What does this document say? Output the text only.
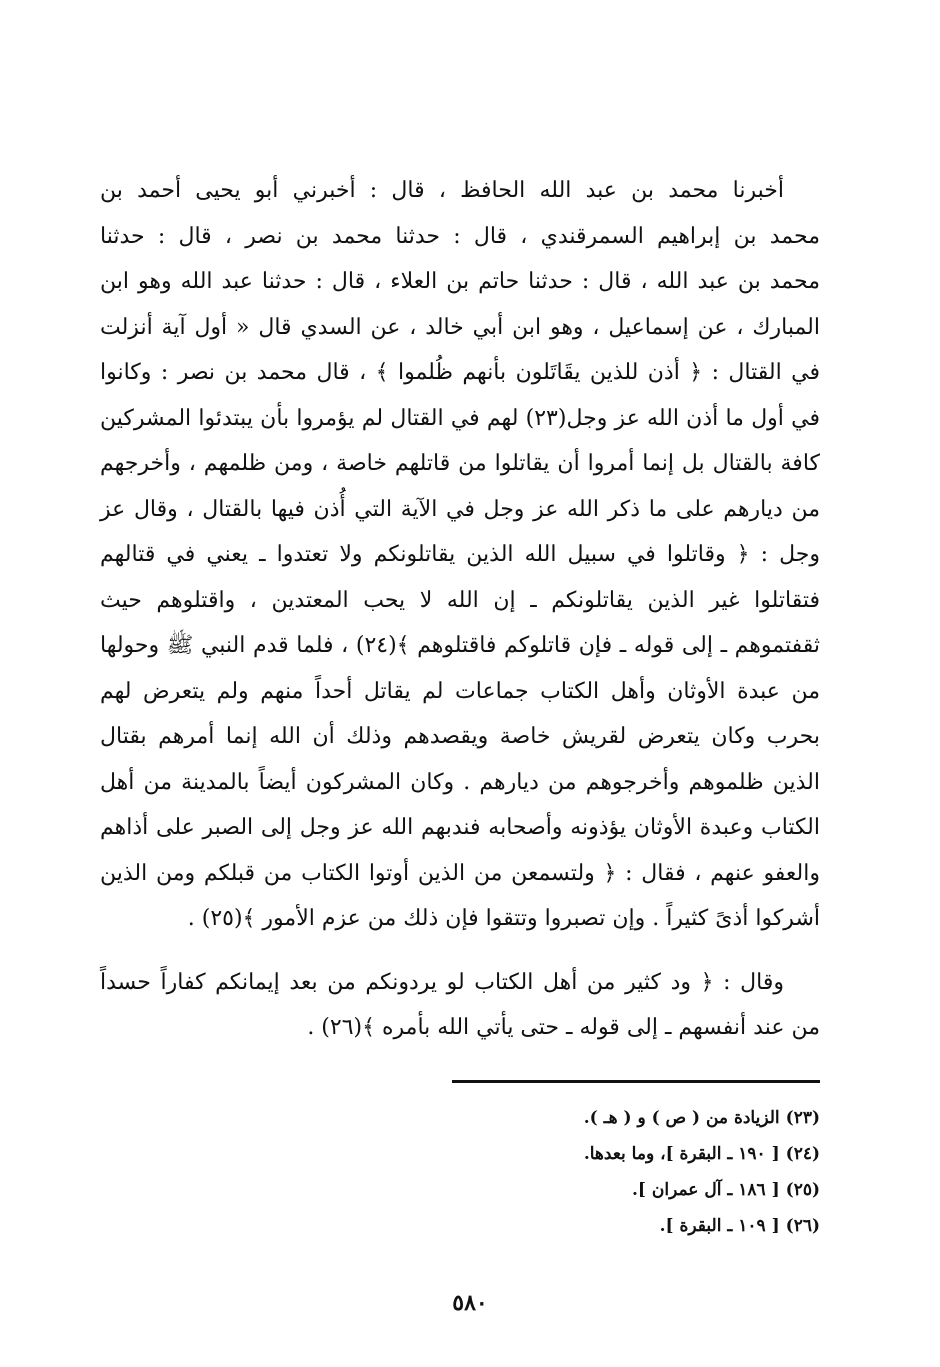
أخبرنا محمد بن عبد الله الحافظ ، قال : أخبرني أبو يحيى أحمد بن
محمد بن إبراهيم السمرقندي ، قال : حدثنا محمد بن نصر ، قال : حدثنا
محمد بن عبد الله ، قال : حدثنا حاتم بن العلاء ، قال : حدثنا عبد الله وهو ابن
المبارك ، عن إسماعيل ، وهو ابن أبي خالد ، عن السدي قال « أول آية أنزلت
في القتال : ﴿ أذن للذين يقَاتَلون بأنهم ظُلموا ﴾ ، قال محمد بن نصر : وكانوا
في أول ما أذن الله عز وجل(٢٣) لهم في القتال لم يؤمروا بأن يبتدئوا المشركين
كافة بالقتال بل إنما أمروا أن يقاتلوا من قاتلهم خاصة ، ومن ظلمهم ، وأخرجهم
من ديارهم على ما ذكر الله عز وجل في الآية التي أُذن فيها بالقتال ، وقال عز
وجل : ﴿ وقاتلوا في سبيل الله الذين يقاتلونكم ولا تعتدوا ـ يعني في قتالهم
فتقاتلوا غير الذين يقاتلونكم ـ إن الله لا يحب المعتدين ، واقتلوهم حيث
ثقفتموهم ـ إلى قوله ـ فإن قاتلوكم فاقتلوهم ﴾(٢٤) ، فلما قدم النبي ﷺ وحولها
من عبدة الأوثان وأهل الكتاب جماعات لم يقاتل أحداً منهم ولم يتعرض لهم
بحرب وكان يتعرض لقريش خاصة ويقصدهم وذلك أن الله إنما أمرهم بقتال
الذين ظلموهم وأخرجوهم من ديارهم . وكان المشركون أيضاً بالمدينة من أهل
الكتاب وعبدة الأوثان يؤذونه وأصحابه فندبهم الله عز وجل إلى الصبر على أذاهم
والعفو عنهم ، فقال : ﴿ ولتسمعن من الذين أوتوا الكتاب من قبلكم ومن الذين
أشركوا أذىً كثيراً . وإن تصبروا وتتقوا فإن ذلك من عزم الأمور ﴾(٢٥) .
وقال : ﴿ ود كثير من أهل الكتاب لو يردونكم من بعد إيمانكم كفاراً حسداً
من عند أنفسهم ـ إلى قوله ـ حتى يأتي الله بأمره ﴾(٢٦) .
(٢٣)الزيادة من ( ص ) و ( هـ ).
(٢٤)[ ١٩٠ ـ البقرة ]، وما بعدها.
(٢٥)[ ١٨٦ ـ آل عمران ].
(٢٦)[ ١٠٩ ـ البقرة ].
٥٨٠
